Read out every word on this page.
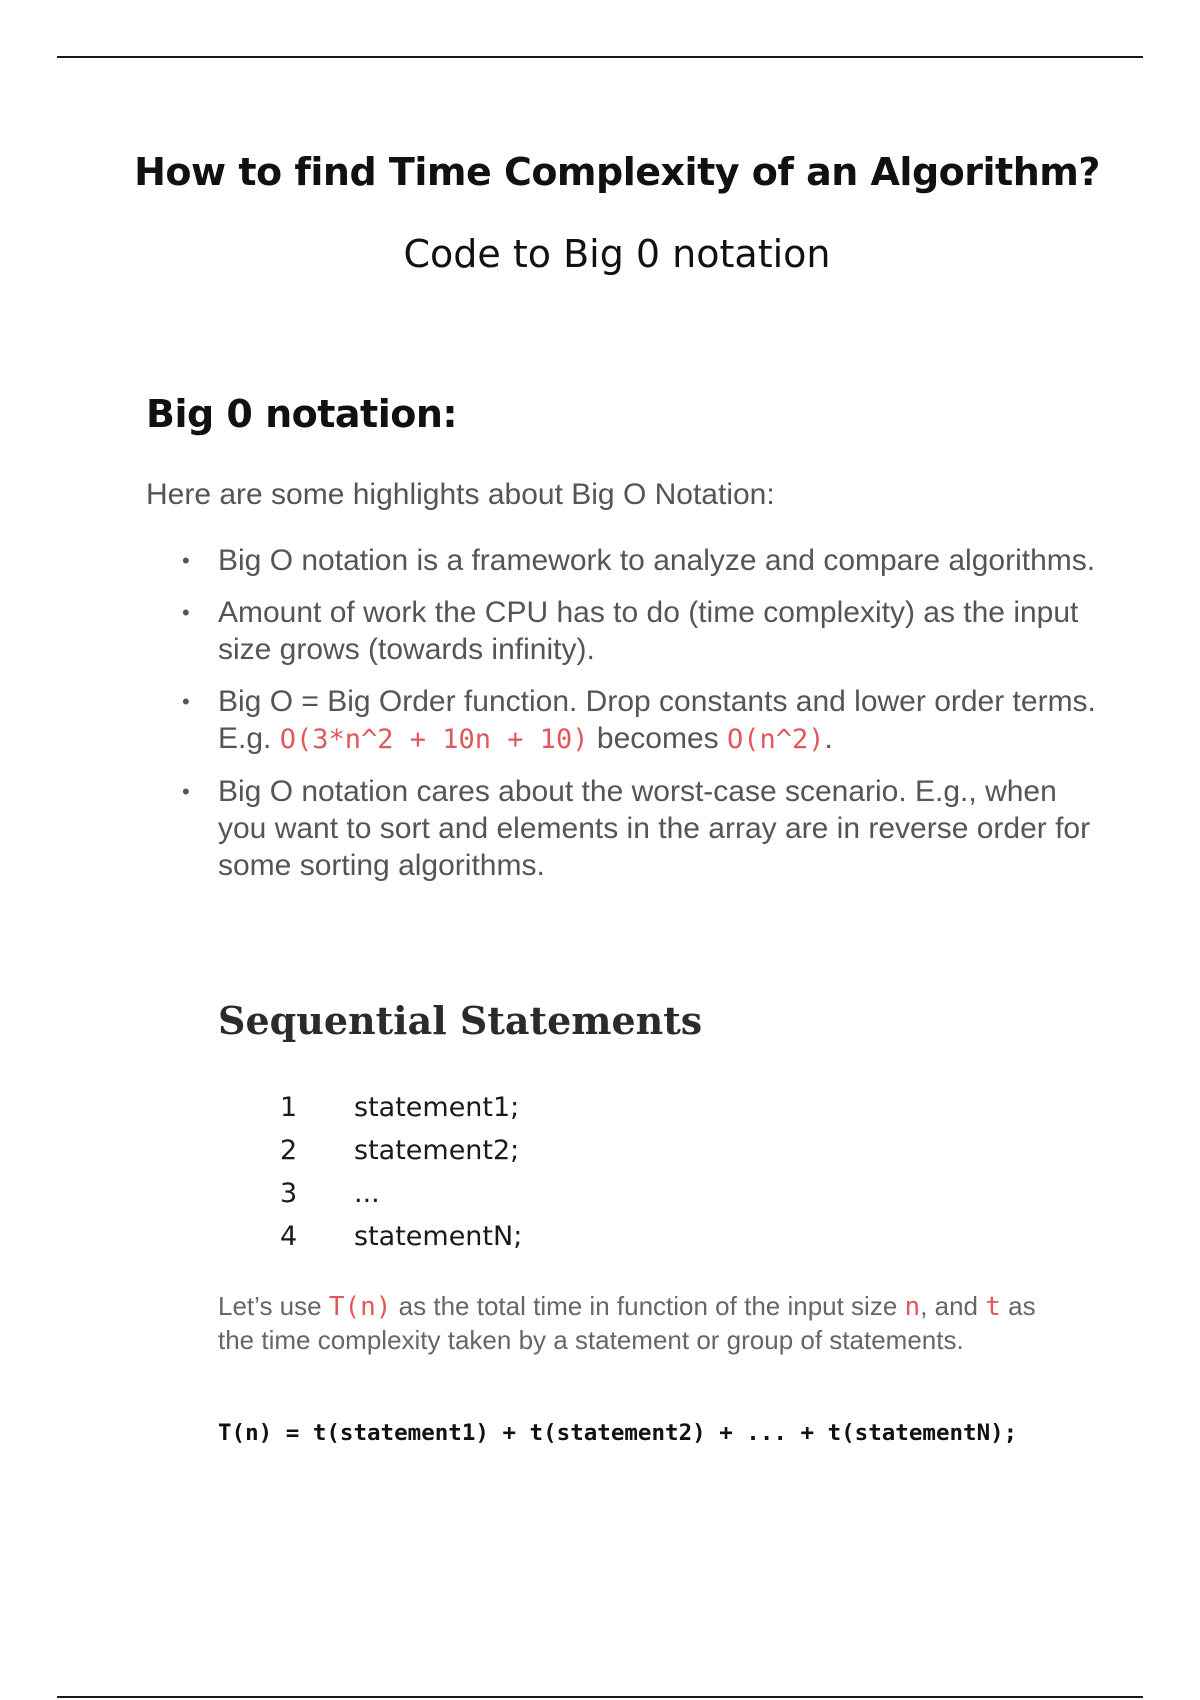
How to find Time Complexity of an Algorithm?
Code to Big 0 notation
Big 0 notation:
Here are some highlights about Big O Notation:
• Big O notation is a framework to analyze and compare algorithms.
• Amount of work the CPU has to do (time complexity) as the input size grows (towards infinity).
• Big O = Big Order function. Drop constants and lower order terms. E.g. O(3*n^2 + 10n + 10) becomes O(n^2).
• Big O notation cares about the worst-case scenario. E.g., when you want to sort and elements in the array are in reverse order for some sorting algorithms.
Sequential Statements
1	statement1;
2	statement2;
3	...
4	statementN;
Let’s use T(n) as the total time in function of the input size n, and t as the time complexity taken by a statement or group of statements.
T(n) = t(statement1) + t(statement2) + ... + t(statementN);
